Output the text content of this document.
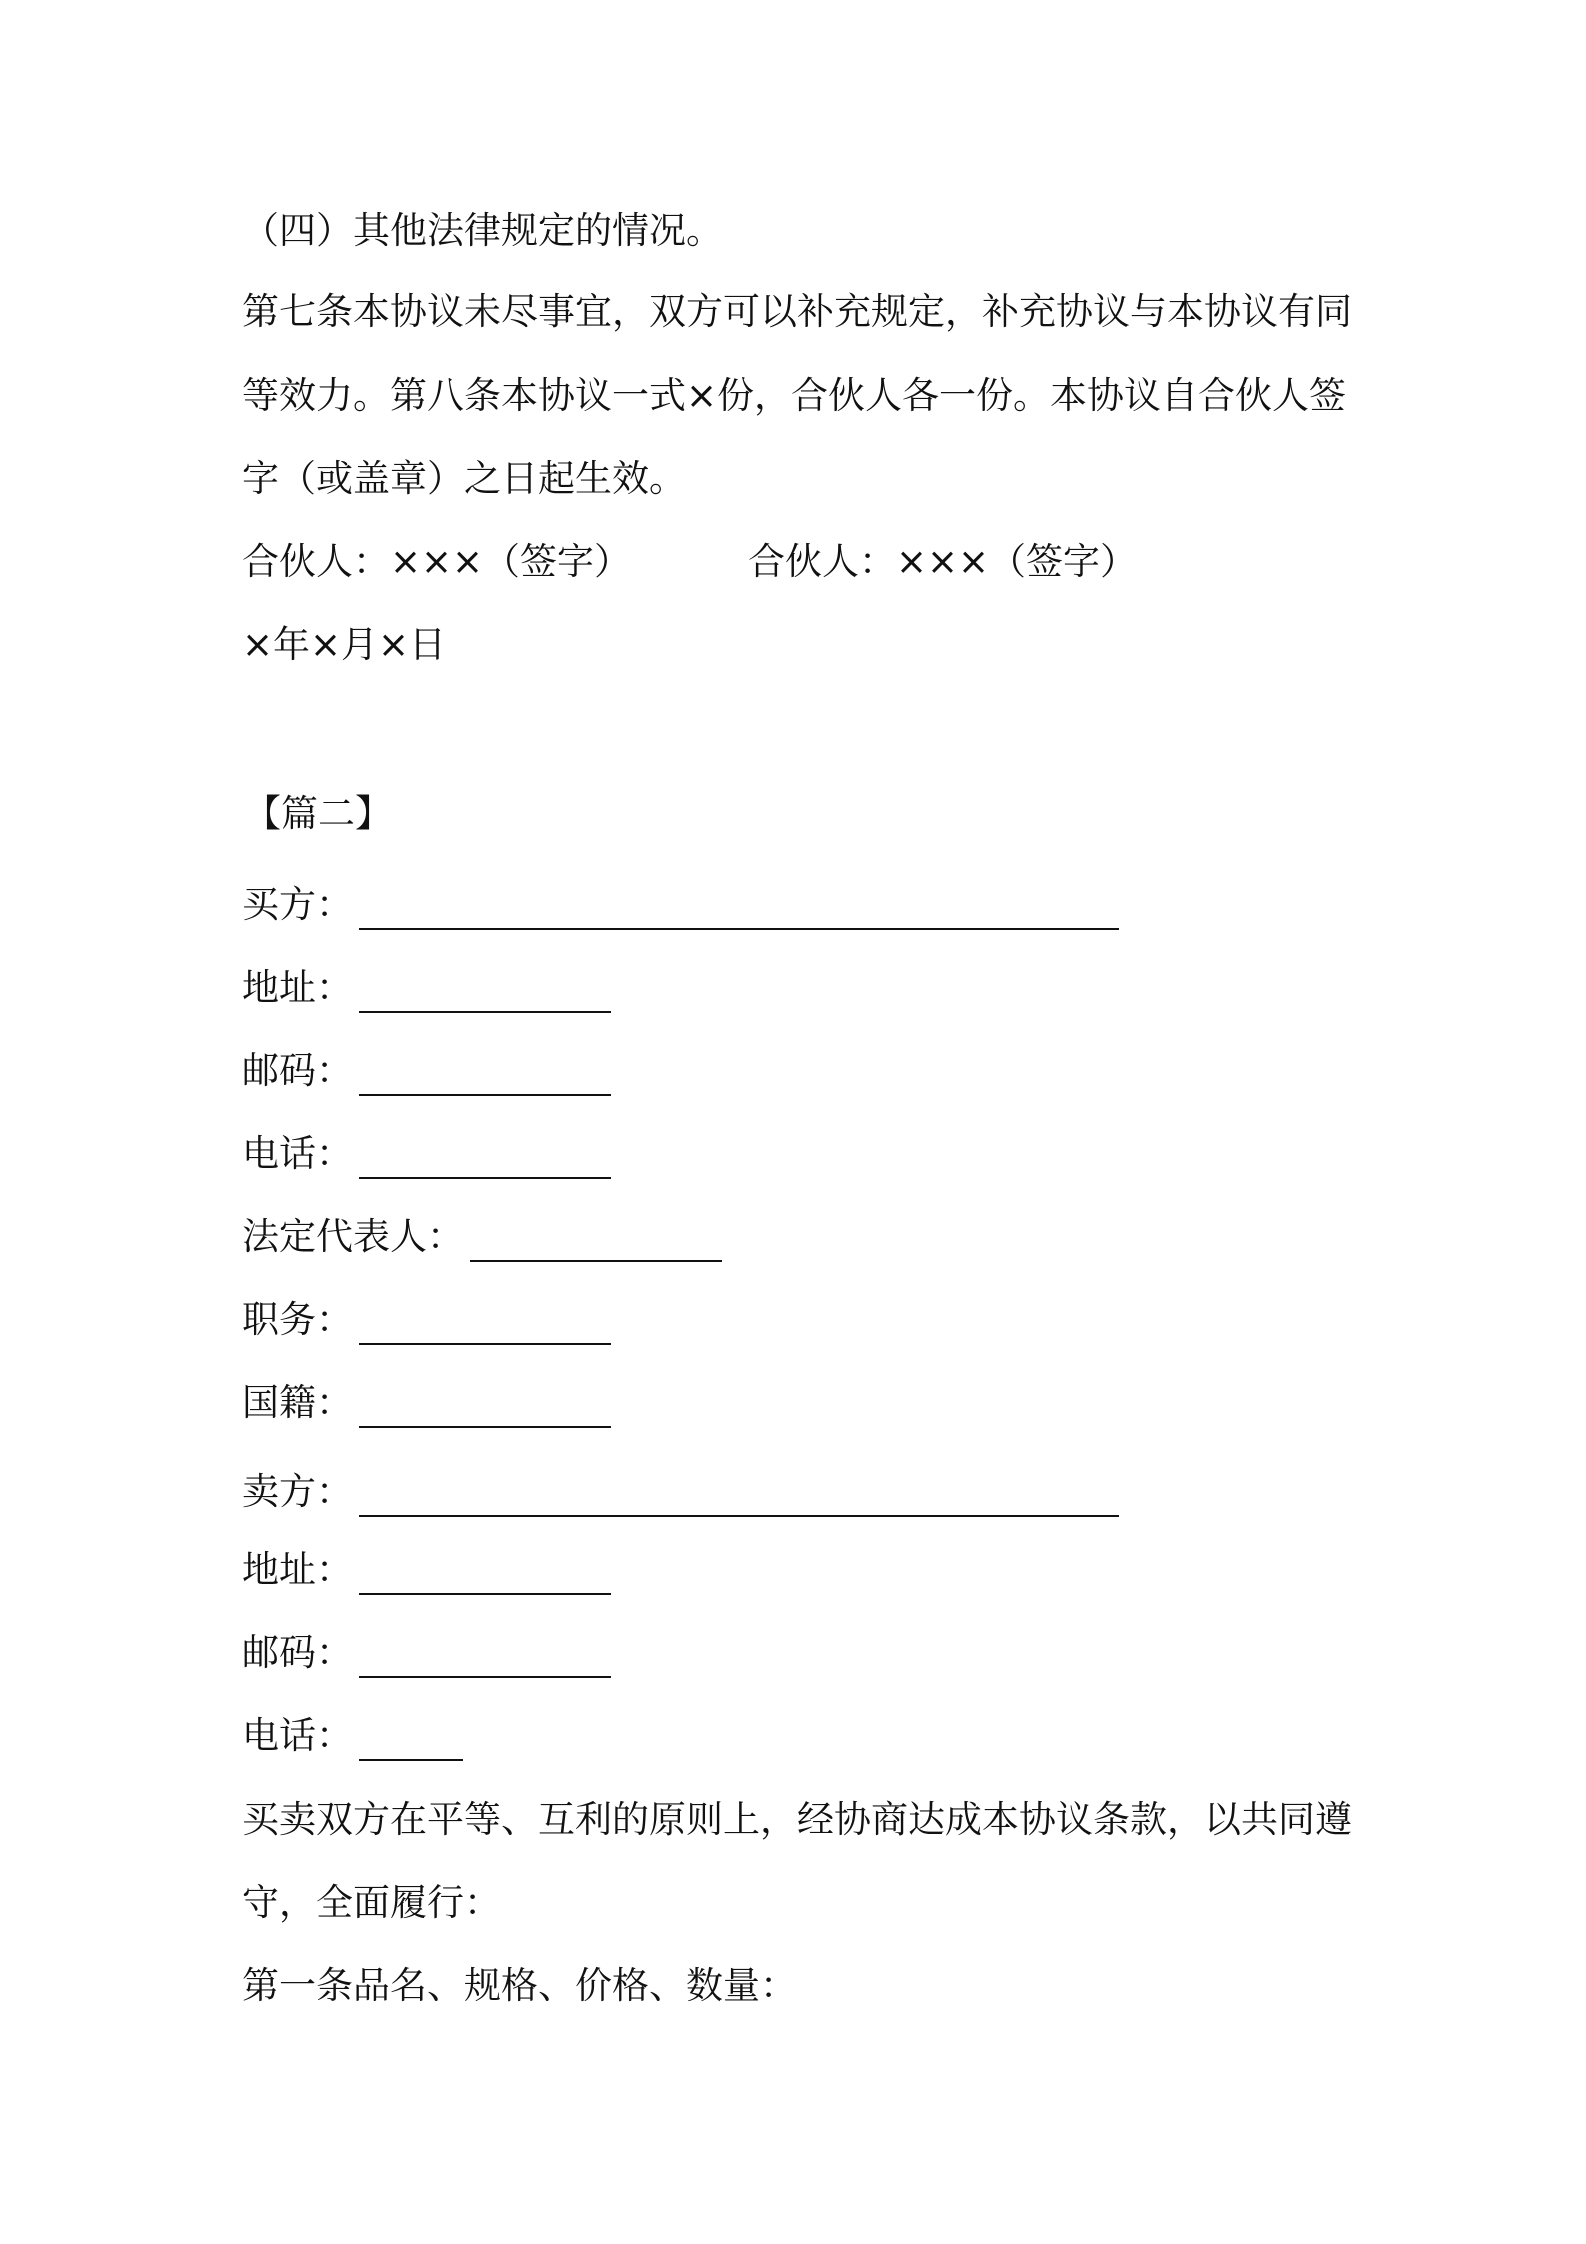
（四）其他法律规定的情况。
第七条本协议未尽事宜，双方可以补充规定，补充协议与本协议有同
等效力。第八条本协议一式×份，合伙人各一份。本协议自合伙人签
字（或盖章）之日起生效。
合伙人：×××（签字）	合伙人：×××（签字）
×年×月×日
【篇二】
买方：
地址：
邮码：
电话：
法定代表人：
职务：
国籍：
卖方：
地址：
邮码：
电话：
买卖双方在平等、互利的原则上，经协商达成本协议条款，以共同遵
守，全面履行：
第一条品名、规格、价格、数量：
